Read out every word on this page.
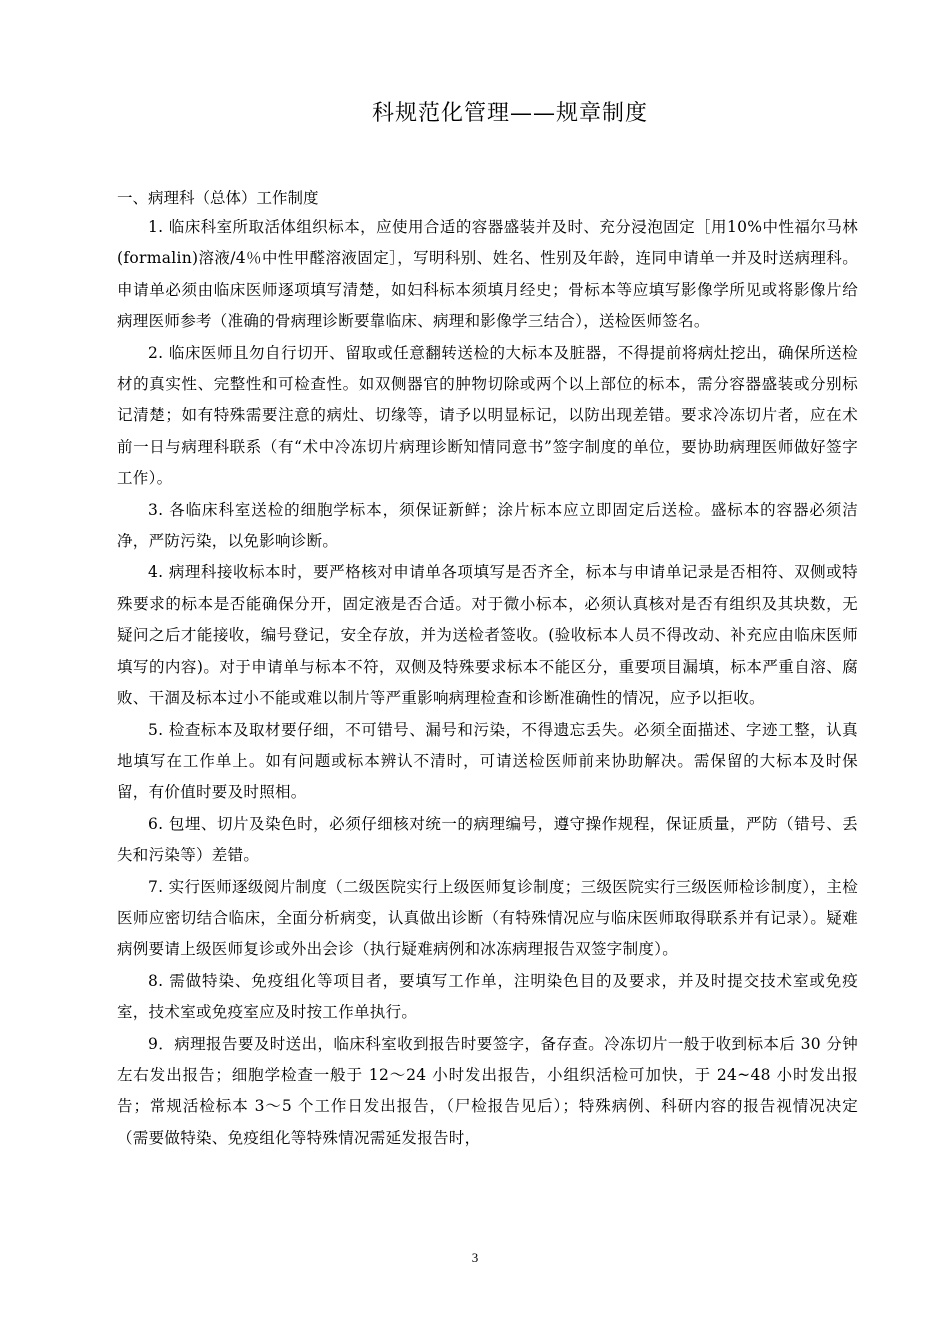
科规范化管理——规章制度
一、病理科（总体）工作制度

1. 临床科室所取活体组织标本，应使用合适的容器盛装并及时、充分浸泡固定［用10%中性福尔马林(formalin)溶液/4％中性甲醛溶液固定］，写明科别、姓名、性别及年龄，连同申请单一并及时送病理科。申请单必须由临床医师逐项填写清楚，如妇科标本须填月经史；骨标本等应填写影像学所见或将影像片给病理医师参考（准确的骨病理诊断要靠临床、病理和影像学三结合），送检医师签名。

2. 临床医师且勿自行切开、留取或任意翻转送检的大标本及脏器，不得提前将病灶挖出，确保所送检材的真实性、完整性和可检查性。如双侧器官的肿物切除或两个以上部位的标本，需分容器盛装或分别标记清楚；如有特殊需要注意的病灶、切缘等，请予以明显标记，以防出现差错。要求冷冻切片者，应在术前一日与病理科联系（有“术中冷冻切片病理诊断知情同意书”签字制度的单位，要协助病理医师做好签字工作）。

3. 各临床科室送检的细胞学标本，须保证新鲜；涂片标本应立即固定后送检。盛标本的容器必须洁净，严防污染，以免影响诊断。

4. 病理科接收标本时，要严格核对申请单各项填写是否齐全，标本与申请单记录是否相符、双侧或特殊要求的标本是否能确保分开，固定液是否合适。对于微小标本，必须认真核对是否有组织及其块数，无疑问之后才能接收，编号登记，安全存放，并为送检者签收。(验收标本人员不得改动、补充应由临床医师填写的内容)。对于申请单与标本不符，双侧及特殊要求标本不能区分，重要项目漏填，标本严重自溶、腐败、干涸及标本过小不能或难以制片等严重影响病理检查和诊断准确性的情况，应予以拒收。

5. 检查标本及取材要仔细，不可错号、漏号和污染，不得遗忘丢失。必须全面描述、字迹工整，认真地填写在工作单上。如有问题或标本辨认不清时，可请送检医师前来协助解决。需保留的大标本及时保留，有价值时要及时照相。

6. 包埋、切片及染色时，必须仔细核对统一的病理编号，遵守操作规程，保证质量，严防（错号、丢失和污染等）差错。

7. 实行医师逐级阅片制度（二级医院实行上级医师复诊制度；三级医院实行三级医师检诊制度），主检医师应密切结合临床，全面分析病变，认真做出诊断（有特殊情况应与临床医师取得联系并有记录）。疑难病例要请上级医师复诊或外出会诊（执行疑难病例和冰冻病理报告双签字制度）。

8. 需做特染、免疫组化等项目者，要填写工作单，注明染色目的及要求，并及时提交技术室或免疫室，技术室或免疫室应及时按工作单执行。

9．病理报告要及时送出，临床科室收到报告时要签字，备存查。冷冻切片一般于收到标本后 30 分钟左右发出报告；细胞学检查一般于 12～24 小时发出报告，小组织活检可加快，于 24~48 小时发出报告；常规活检标本 3～5 个工作日发出报告，（尸检报告见后）；特殊病例、科研内容的报告视情况决定（需要做特染、免疫组化等特殊情况需延发报告时，

3
